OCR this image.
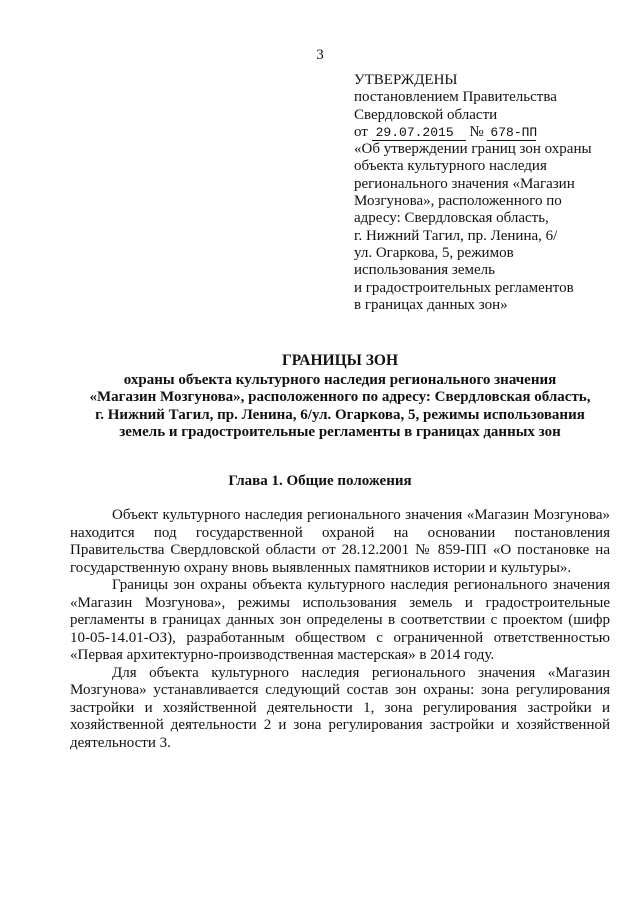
3
УТВЕРЖДЕНЫ
постановлением Правительства
Свердловской области
от 29.07.2015 № 678-ПП
«Об утверждении границ зон охраны
объекта культурного наследия
регионального значения «Магазин
Мозгунова», расположенного по
адресу: Свердловская область,
г. Нижний Тагил, пр. Ленина, 6/
ул. Огаркова, 5, режимов
использования земель
и градостроительных регламентов
в границах данных зон»
ГРАНИЦЫ ЗОН
охраны объекта культурного наследия регионального значения
«Магазин Мозгунова», расположенного по адресу: Свердловская область,
г. Нижний Тагил, пр. Ленина, 6/ул. Огаркова, 5, режимы использования
земель и градостроительные регламенты в границах данных зон
Глава 1. Общие положения

Объект культурного наследия регионального значения «Магазин Мозгунова» находится под государственной охраной на основании постановления Правительства Свердловской области от 28.12.2001 № 859-ПП «О постановке на государственную охрану вновь выявленных памятников истории и культуры».

Границы зон охраны объекта культурного наследия регионального значения «Магазин Мозгунова», режимы использования земель и градостроительные регламенты в границах данных зон определены в соответствии с проектом (шифр 10-05-14.01-ОЗ), разработанным обществом с ограниченной ответственностью «Первая архитектурно-производственная мастерская» в 2014 году.

Для объекта культурного наследия регионального значения «Магазин Мозгунова» устанавливается следующий состав зон охраны: зона регулирования застройки и хозяйственной деятельности 1, зона регулирования застройки и хозяйственной деятельности 2 и зона регулирования застройки и хозяйственной деятельности 3.
